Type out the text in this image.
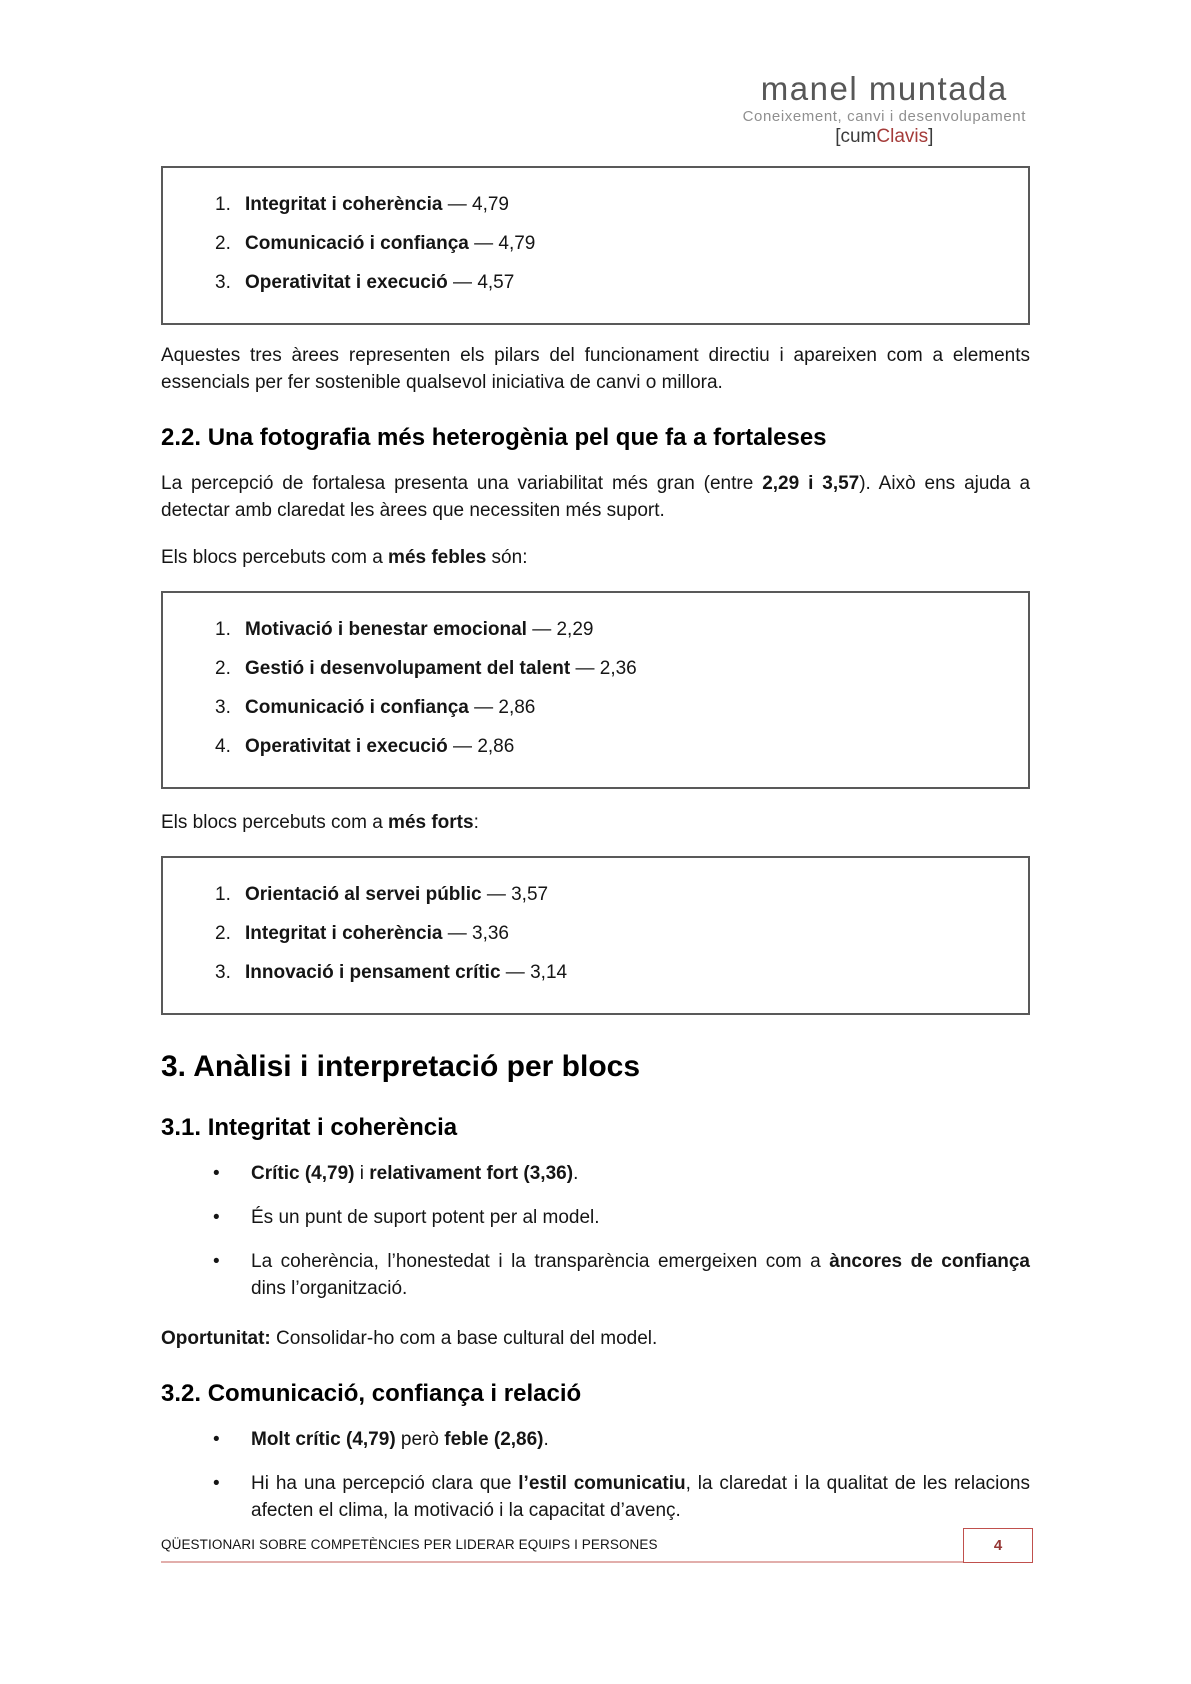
manel muntada
Coneixement, canvi i desenvolupament
[cumClavis]
1. Integritat i coherència — 4,79
2. Comunicació i confiança — 4,79
3. Operativitat i execució — 4,57

Aquestes tres àrees representen els pilars del funcionament directiu i apareixen com a elements essencials per fer sostenible qualsevol iniciativa de canvi o millora.

2.2. Una fotografia més heterogènia pel que fa a fortaleses

La percepció de fortalesa presenta una variabilitat més gran (entre 2,29 i 3,57). Això ens ajuda a detectar amb claredat les àrees que necessiten més suport.

Els blocs percebuts com a més febles són:

1. Motivació i benestar emocional — 2,29
2. Gestió i desenvolupament del talent — 2,36
3. Comunicació i confiança — 2,86
4. Operativitat i execució — 2,86

Els blocs percebuts com a més forts:

1. Orientació al servei públic — 3,57
2. Integritat i coherència — 3,36
3. Innovació i pensament crític — 3,14
3. Anàlisi i interpretació per blocs
3.1. Integritat i coherència
•	Crític (4,79) i relativament fort (3,36).
•	És un punt de suport potent per al model.
•	La coherència, l’honestedat i la transparència emergeixen com a àncores de confiança dins l’organització.

Oportunitat: Consolidar-ho com a base cultural del model.

3.2. Comunicació, confiança i relació
•	Molt crític (4,79) però feble (2,86).
•	Hi ha una percepció clara que l’estil comunicatiu, la claredat i la qualitat de les relacions afecten el clima, la motivació i la capacitat d’avenç.
QÜESTIONARI SOBRE COMPETÈNCIES PER LIDERAR EQUIPS I PERSONES	4
